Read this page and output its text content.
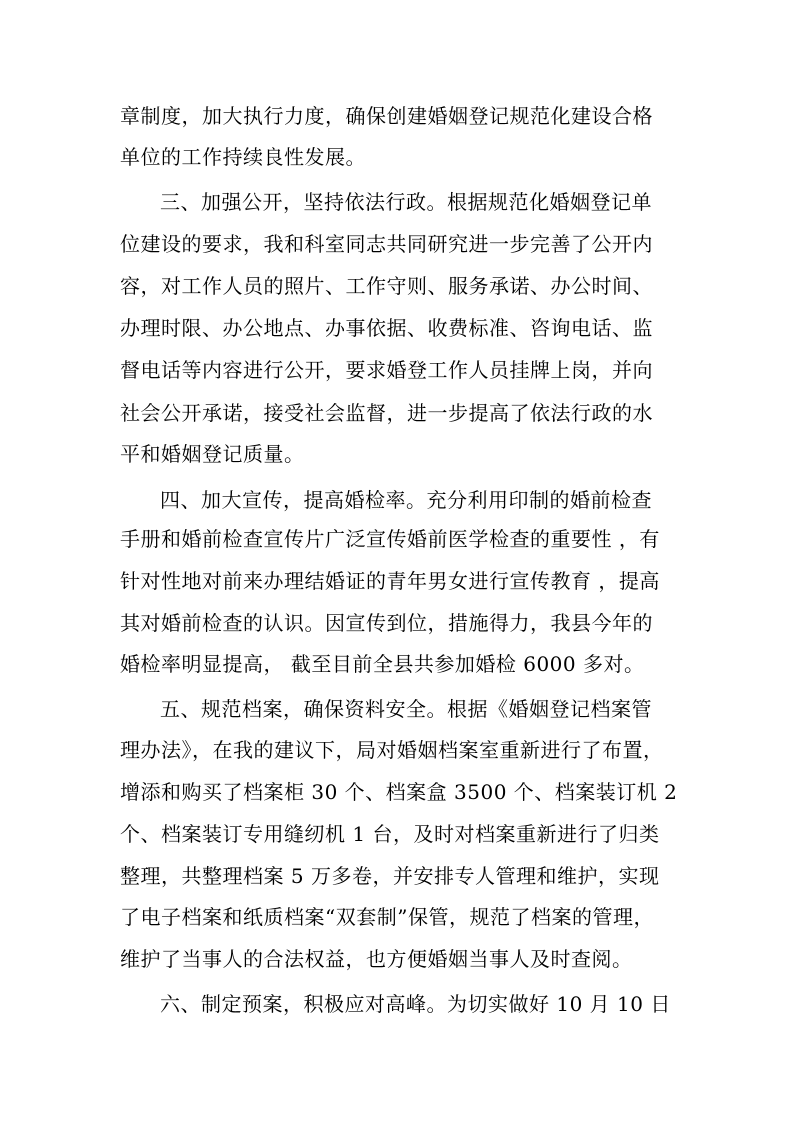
章制度，加大执行力度，确保创建婚姻登记规范化建设合格
单位的工作持续良性发展。
三、加强公开，坚持依法行政。根据规范化婚姻登记单
位建设的要求，我和科室同志共同研究进一步完善了公开内
容，对工作人员的照片、工作守则、服务承诺、办公时间、
办理时限、办公地点、办事依据、收费标准、咨询电话、监
督电话等内容进行公开，要求婚登工作人员挂牌上岗，并向
社会公开承诺，接受社会监督，进一步提高了依法行政的水
平和婚姻登记质量。
四、加大宣传，提高婚检率。充分利用印制的婚前检查
手册和婚前检查宣传片广泛宣传婚前医学检查的重要性 ，有
针对性地对前来办理结婚证的青年男女进行宣传教育 ，提高
其对婚前检查的认识。因宣传到位，措施得力，我县今年的
婚检率明显提高， 截至目前全县共参加婚检 6000 多对。
五、规范档案，确保资料安全。根据《婚姻登记档案管
理办法》，在我的建议下，局对婚姻档案室重新进行了布置，
增添和购买了档案柜 30 个、档案盒 3500 个、档案装订机 2
个、档案装订专用缝纫机 1 台，及时对档案重新进行了归类
整理，共整理档案 5 万多卷，并安排专人管理和维护，实现
了电子档案和纸质档案“双套制”保管，规范了档案的管理，
维护了当事人的合法权益，也方便婚姻当事人及时查阅。
六、制定预案，积极应对高峰。为切实做好 10 月 10 日
